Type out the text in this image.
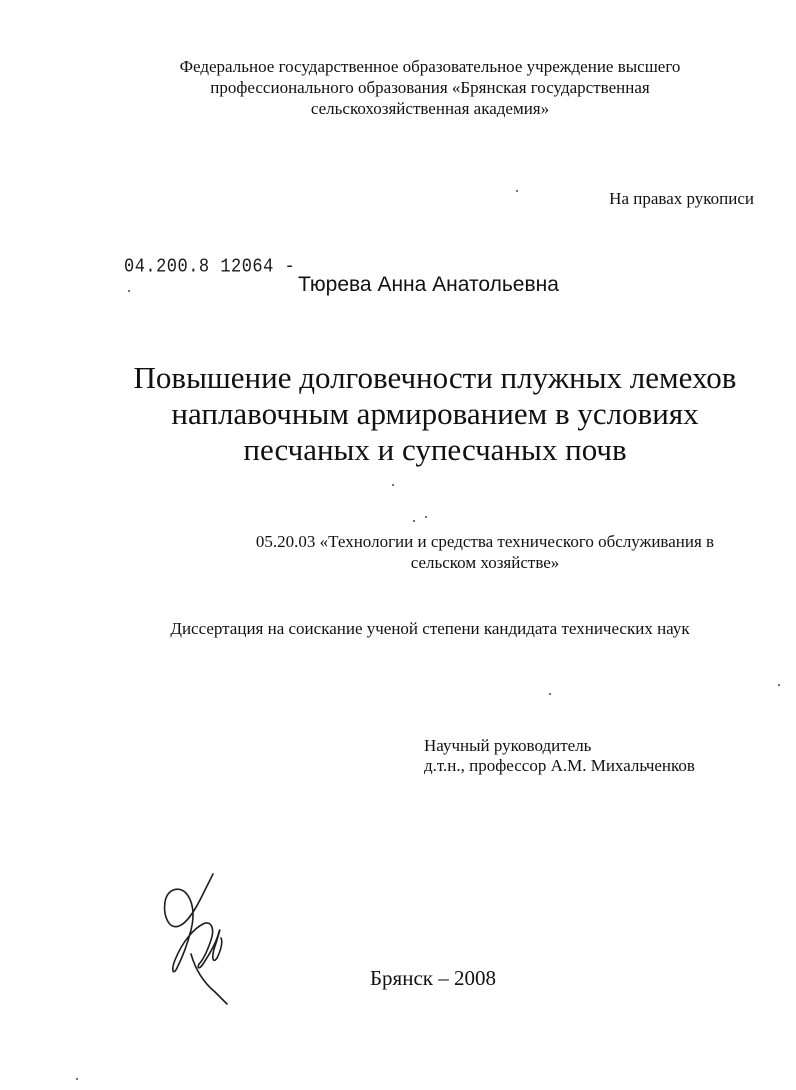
Федеральное государственное образовательное учреждение высшего
профессионального образования «Брянская государственная
сельскохозяйственная академия»
На правах рукописи
04.200.8 12064 -
Тюрева Анна Анатольевна
Повышение долговечности плужных лемехов
наплавочным армированием в условиях
песчаных и супесчаных почв
05.20.03 «Технологии и средства технического обслуживания в
сельском хозяйстве»
Диссертация на соискание ученой степени кандидата технических наук
Научный руководитель
д.т.н., профессор А.М. Михальченков
Брянск – 2008
